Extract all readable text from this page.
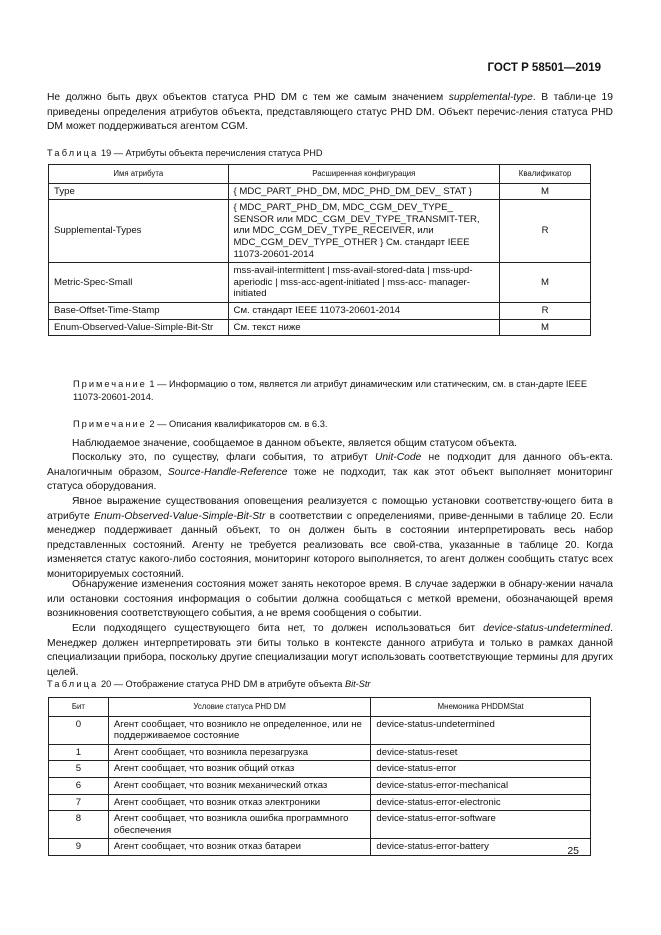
ГОСТ Р 58501—2019

Не должно быть двух объектов статуса PHD DM с тем же самым значением supplemental-type. В табли-це 19 приведены определения атрибутов объекта, представляющего статус PHD DM. Объект перечис-ления статуса PHD DM может поддерживаться агентом CGM.

Таблица 19 — Атрибуты объекта перечисления статуса PHD
Имя атрибута	Расширенная конфигурация	Квалификатор
Type	{ MDC_PART_PHD_DM, MDC_PHD_DM_DEV_ STAT }	M
Supplemental-Types	{ MDC_PART_PHD_DM, MDC_CGM_DEV_TYPE_ SENSOR или MDC_CGM_DEV_TYPE_TRANSMIT-TER, или MDC_CGM_DEV_TYPE_RECEIVER, или MDC_CGM_DEV_TYPE_OTHER } См. стандарт IEEE 11073-20601-2014	R
Metric-Spec-Small	mss-avail-intermittent | mss-avail-stored-data | mss-upd-aperiodic | mss-acc-agent-initiated | mss-acc- manager-initiated	M
Base-Offset-Time-Stamp	См. стандарт IEEE 11073-20601-2014	R
Enum-Observed-Value-Simple-Bit-Str	См. текст ниже	M

Примечание 1 — Информацию о том, является ли атрибут динамическим или статическим, см. в стан-дарте IEEE 11073-20601-2014.

Примечание 2 — Описания квалификаторов см. в 6.3.

Наблюдаемое значение, сообщаемое в данном объекте, является общим статусом объекта.

Поскольку это, по существу, флаги события, то атрибут Unit-Code не подходит для данного объ-екта. Аналогичным образом, Source-Handle-Reference тоже не подходит, так как этот объект выполняет мониторинг статуса оборудования.

Явное выражение существования оповещения реализуется с помощью установки соответству-ющего бита в атрибуте Enum-Observed-Value-Simple-Bit-Str в соответствии с определениями, приве-денными в таблице 20. Если менеджер поддерживает данный объект, то он должен быть в состоянии интерпретировать весь набор представленных состояний. Агенту не требуется реализовать все свой-ства, указанные в таблице 20. Когда изменяется статус какого-либо состояния, мониторинг которого выполняется, то агент должен сообщить статус всех мониторируемых состояний.

Обнаружение изменения состояния может занять некоторое время. В случае задержки в обнару-жении начала или остановки состояния информация о событии должна сообщаться с меткой времени, обозначающей время возникновения соответствующего события, а не время сообщения о событии.

Если подходящего существующего бита нет, то должен использоваться бит device-status-undetermined. Менеджер должен интерпретировать эти биты только в контексте данного атрибута и только в рамках данной специализации прибора, поскольку другие специализации могут использовать соответствующие термины для других целей.

Таблица 20 — Отображение статуса PHD DM в атрибуте объекта Bit-Str
Бит	Условие статуса PHD DM	Мнемоника PHDDMStat
0	Агент сообщает, что возникло не определенное, или не поддерживаемое состояние	device-status-undetermined
1	Агент сообщает, что возникла перезагрузка	device-status-reset
5	Агент сообщает, что возник общий отказ	device-status-error
6	Агент сообщает, что возник механический отказ	device-status-error-mechanical
7	Агент сообщает, что возник отказ электроники	device-status-error-electronic
8	Агент сообщает, что возникла ошибка программного обеспечения	device-status-error-software
9	Агент сообщает, что возник отказ батареи	device-status-error-battery	25
